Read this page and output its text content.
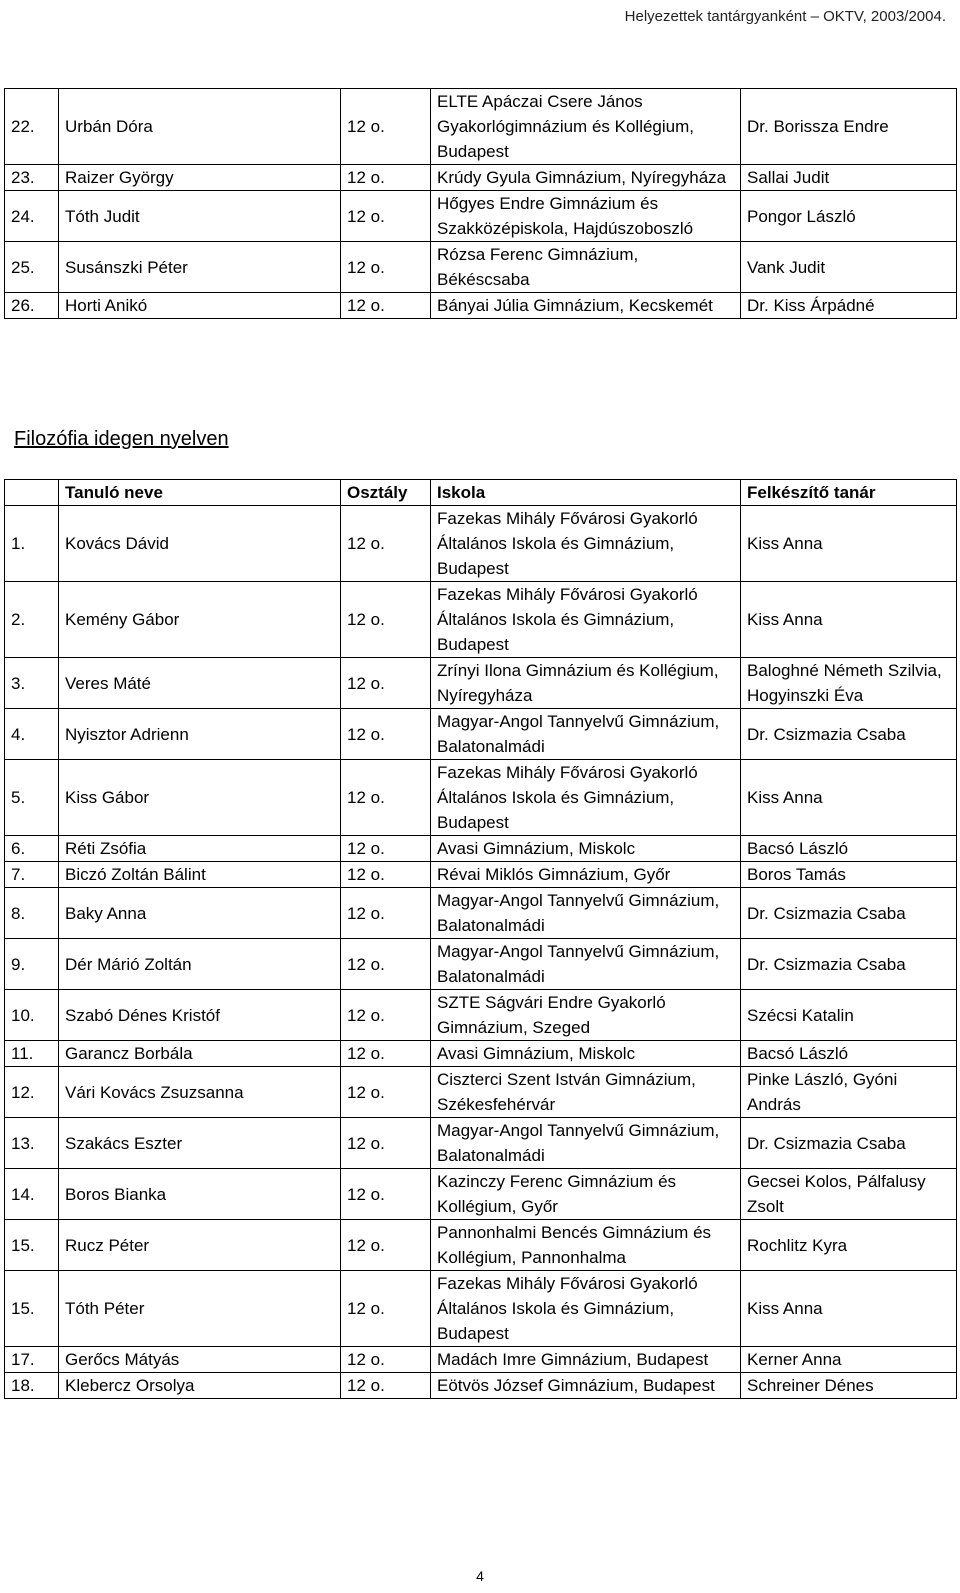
Helyezettek tantárgyanként – OKTV, 2003/2004.
22.	Urbán Dóra	12 o.	ELTE Apáczai Csere János Gyakorlógimnázium és Kollégium, Budapest	Dr. Borissza Endre
23.	Raizer György	12 o.	Krúdy Gyula Gimnázium, Nyíregyháza	Sallai Judit
24.	Tóth Judit	12 o.	Hőgyes Endre Gimnázium és Szakközépiskola, Hajdúszoboszló	Pongor László
25.	Susánszki Péter	12 o.	Rózsa Ferenc Gimnázium, Békéscsaba	Vank Judit
26.	Horti Anikó	12 o.	Bányai Júlia Gimnázium, Kecskemét	Dr. Kiss Árpádné
Filozófia idegen nyelven
	Tanuló neve	Osztály	Iskola	Felkészítő tanár
1.	Kovács Dávid	12 o.	Fazekas Mihály Fővárosi Gyakorló Általános Iskola és Gimnázium, Budapest	Kiss Anna
2.	Kemény Gábor	12 o.	Fazekas Mihály Fővárosi Gyakorló Általános Iskola és Gimnázium, Budapest	Kiss Anna
3.	Veres Máté	12 o.	Zrínyi Ilona Gimnázium és Kollégium, Nyíregyháza	Baloghné Németh Szilvia, Hogyinszki Éva
4.	Nyisztor Adrienn	12 o.	Magyar-Angol Tannyelvű Gimnázium, Balatonalmádi	Dr. Csizmazia Csaba
5.	Kiss Gábor	12 o.	Fazekas Mihály Fővárosi Gyakorló Általános Iskola és Gimnázium, Budapest	Kiss Anna
6.	Réti Zsófia	12 o.	Avasi Gimnázium, Miskolc	Bacsó László
7.	Biczó Zoltán Bálint	12 o.	Révai Miklós Gimnázium, Győr	Boros Tamás
8.	Baky Anna	12 o.	Magyar-Angol Tannyelvű Gimnázium, Balatonalmádi	Dr. Csizmazia Csaba
9.	Dér Márió Zoltán	12 o.	Magyar-Angol Tannyelvű Gimnázium, Balatonalmádi	Dr. Csizmazia Csaba
10.	Szabó Dénes Kristóf	12 o.	SZTE Ságvári Endre Gyakorló Gimnázium, Szeged	Szécsi Katalin
11.	Garancz Borbála	12 o.	Avasi Gimnázium, Miskolc	Bacsó László
12.	Vári Kovács Zsuzsanna	12 o.	Ciszterci Szent István Gimnázium, Székesfehérvár	Pinke László, Gyóni András
13.	Szakács Eszter	12 o.	Magyar-Angol Tannyelvű Gimnázium, Balatonalmádi	Dr. Csizmazia Csaba
14.	Boros Bianka	12 o.	Kazinczy Ferenc Gimnázium és Kollégium, Győr	Gecsei Kolos, Pálfalusy Zsolt
15.	Rucz Péter	12 o.	Pannonhalmi Bencés Gimnázium és Kollégium, Pannonhalma	Rochlitz Kyra
15.	Tóth Péter	12 o.	Fazekas Mihály Fővárosi Gyakorló Általános Iskola és Gimnázium, Budapest	Kiss Anna
17.	Gerőcs Mátyás	12 o.	Madách Imre Gimnázium, Budapest	Kerner Anna
18.	Klebercz Orsolya	12 o.	Eötvös József Gimnázium, Budapest	Schreiner Dénes
4
